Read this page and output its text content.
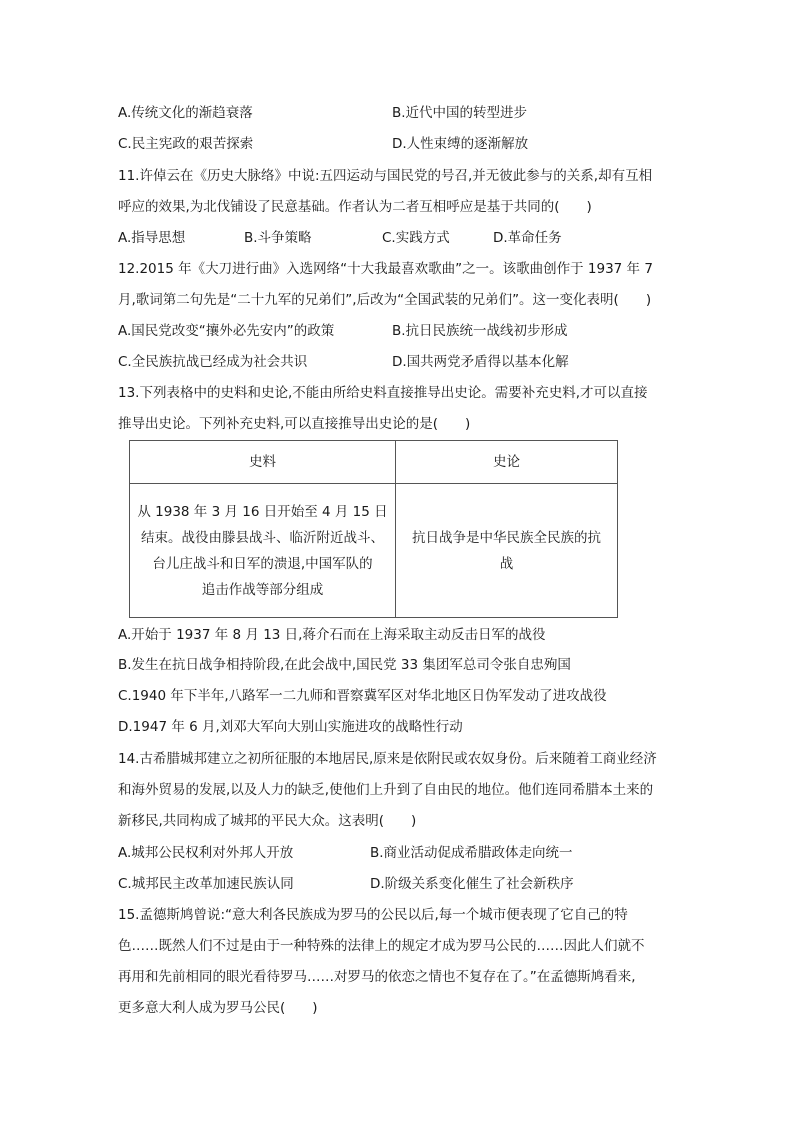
A.传统文化的渐趋衰落	B.近代中国的转型进步
C.民主宪政的艰苦探索	D.人性束缚的逐渐解放
11.许倬云在《历史大脉络》中说:五四运动与国民党的号召,并无彼此参与的关系,却有互相
呼应的效果,为北伐铺设了民意基础。作者认为二者互相呼应是基于共同的(　　)
A.指导思想	B.斗争策略	C.实践方式	D.革命任务
12.2015 年《大刀进行曲》入选网络“十大我最喜欢歌曲”之一。该歌曲创作于 1937 年 7
月,歌词第二句先是“二十九军的兄弟们”,后改为“全国武装的兄弟们”。这一变化表明(　　)
A.国民党改变“攘外必先安内”的政策	B.抗日民族统一战线初步形成
C.全民族抗战已经成为社会共识	D.国共两党矛盾得以基本化解
13.下列表格中的史料和史论,不能由所给史料直接推导出史论。需要补充史料,才可以直接
推导出史论。下列补充史料,可以直接推导出史论的是(　　)
史料	史论

从 1938 年 3 月 16 日开始至 4 月 15 日
结束。战役由滕县战斗、临沂附近战斗、
台儿庄战斗和日军的溃退,中国军队的
追击作战等部分组成	抗日战争是中华民族全民族的抗
战
A.开始于 1937 年 8 月 13 日,蒋介石而在上海采取主动反击日军的战役
B.发生在抗日战争相持阶段,在此会战中,国民党 33 集团军总司令张自忠殉国
C.1940 年下半年,八路军一二九师和晋察冀军区对华北地区日伪军发动了进攻战役
D.1947 年 6 月,刘邓大军向大别山实施进攻的战略性行动
14.古希腊城邦建立之初所征服的本地居民,原来是依附民或农奴身份。后来随着工商业经济
和海外贸易的发展,以及人力的缺乏,使他们上升到了自由民的地位。他们连同希腊本土来的
新移民,共同构成了城邦的平民大众。这表明(　　)
A.城邦公民权利对外邦人开放	B.商业活动促成希腊政体走向统一
C.城邦民主改革加速民族认同	D.阶级关系变化催生了社会新秩序
15.孟德斯鸠曾说:“意大利各民族成为罗马的公民以后,每一个城市便表现了它自己的特
色……既然人们不过是由于一种特殊的法律上的规定才成为罗马公民的……因此人们就不
再用和先前相同的眼光看待罗马……对罗马的依恋之情也不复存在了。”在孟德斯鸠看来,
更多意大利人成为罗马公民(　　)
